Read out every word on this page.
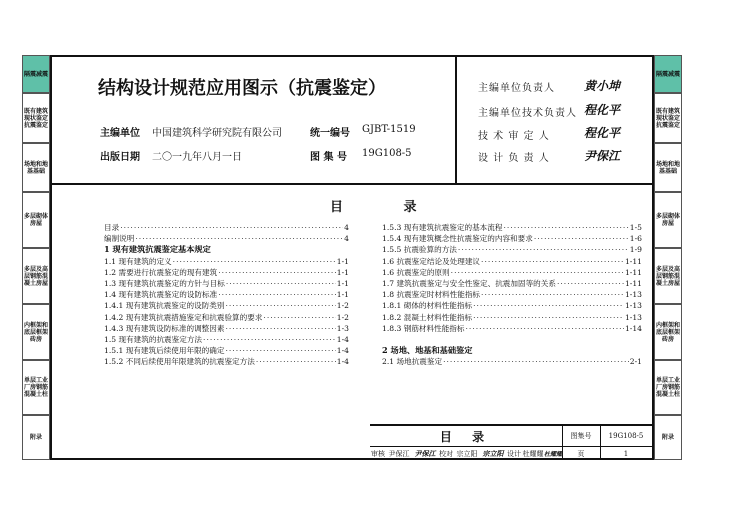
隔震减震
既有建筑现状鉴定抗震鉴定
场地和地基基础
多层砌体房屋
多层及高层钢筋混凝土房屋
内框架和底层框架砖房
单层工业厂房钢筋混凝土柱
附录
隔震减震
既有建筑现状鉴定抗震鉴定
场地和地基基础
多层砌体房屋
多层及高层钢筋混凝土房屋
内框架和底层框架砖房
单层工业厂房钢筋混凝土柱
附录
结构设计规范应用图示（抗震鉴定）
主编单位 中国建筑科学研究院有限公司	统一编号 GJBT-1519
出版日期 二〇一九年八月一日	图 集 号 19G108-5
主编单位负责人 黄小坤
主编单位技术负责人 程化平
技 术 审 定 人	程化平
设 计 负 责 人	尹保江
目 录
目录 ·····	4
编制说明 ·····	4
1 现有建筑抗震鉴定基本规定
1.1 现有建筑的定义 ·····	1-1
1.2 需要进行抗震鉴定的现有建筑 ·····	1-1
1.3 现有建筑抗震鉴定的方针与目标 ·····	1-1
1.4 现有建筑抗震鉴定的设防标准 ·····	1-1
1.4.1 现有建筑抗震鉴定的设防类别 ·····	1-2
1.4.2 现有建筑抗震措施鉴定和抗震验算的要求 ·····	1-2
1.4.3 现有建筑设防标准的调整因素 ·····	1-3
1.5 现有建筑的抗震鉴定方法 ·····	1-4
1.5.1 现有建筑后续使用年限的确定 ·····	1-4
1.5.2 不同后续使用年限建筑的抗震鉴定方法 ·····	1-4
1.5.3 现有建筑抗震鉴定的基本流程 ·····	1-5
1.5.4 现有建筑概念性抗震鉴定的内容和要求 ·····	1-6
1.5.5 抗震验算的方法 ·····	1-9
1.6 抗震鉴定结论及处理建议 ·····	1-11
1.6 抗震鉴定的原则 ·····	1-11
1.7 建筑抗震鉴定与安全性鉴定、抗震加固等的关系 ·····	1-11
1.8 抗震鉴定时材料性能指标 ·····	1-13
1.8.1 砌体的材料性能指标 ·····	1-13
1.8.2 混凝土材料性能指标 ·····	1-13
1.8.3 钢筋材料性能指标 ·····	1-14
2 场地、地基和基础鉴定
2.1 场地抗震鉴定 ·····	2-1
目 录	图集号	19G108-5
审核 尹保江 尹保江 校对 宗立阳 宗立阳 设计 杜耀耀 杜耀耀	页	1
